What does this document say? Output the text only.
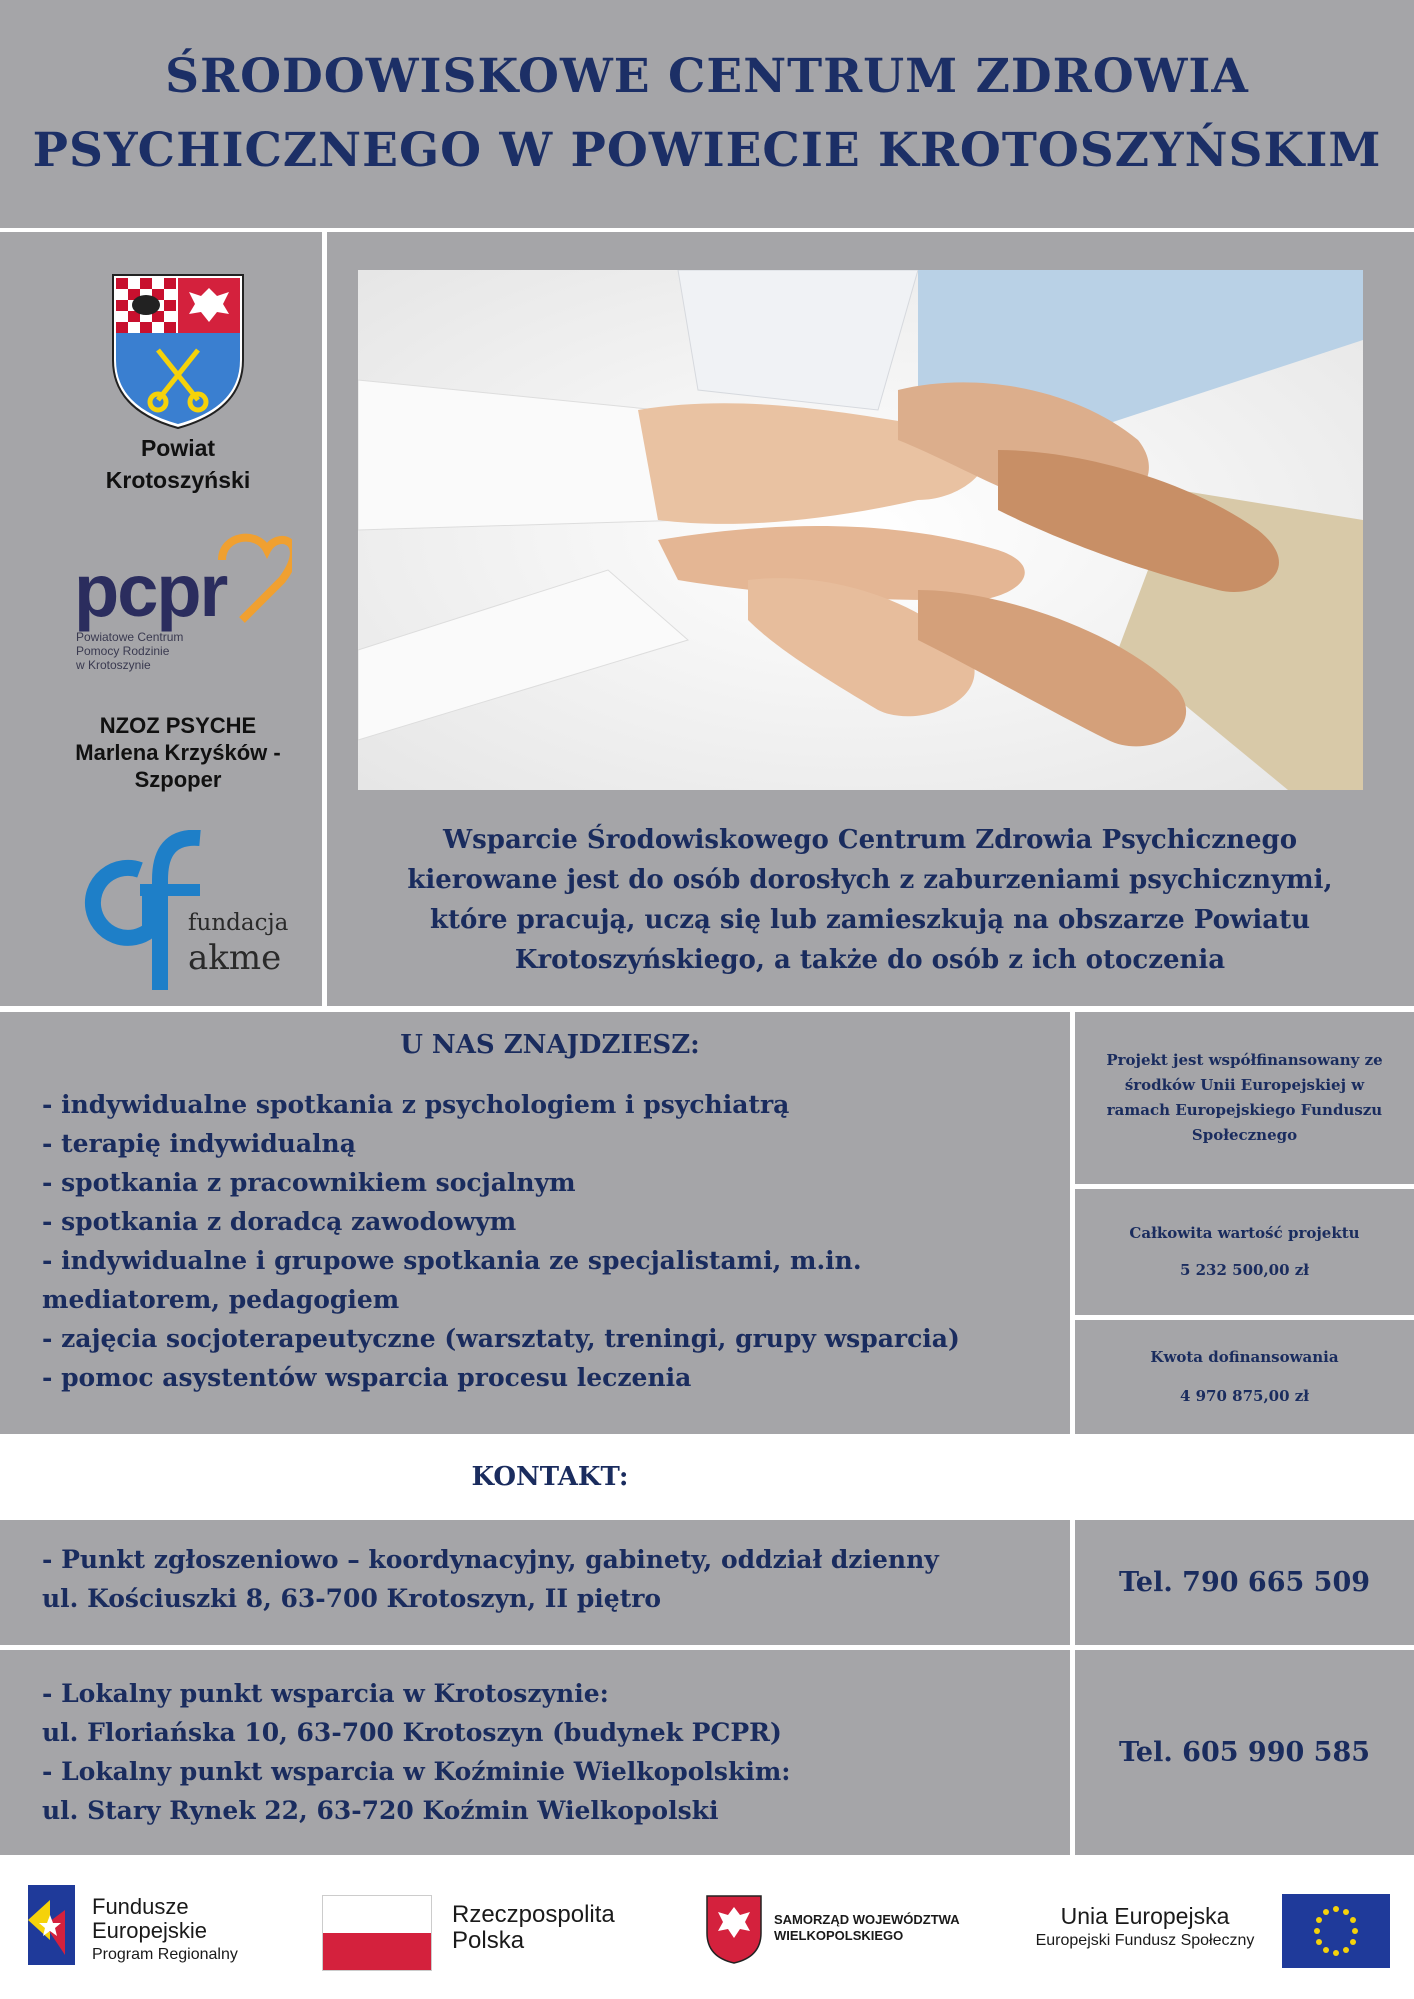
ŚRODOWISKOWE CENTRUM ZDROWIA
PSYCHICZNEGO W POWIECIE KROTOSZYŃSKIM
Powiat
Krotoszyński
pcpr
Powiatowe Centrum
Pomocy Rodzinie
w Krotoszynie
NZOZ PSYCHE
Marlena Krzyśków -
Szpoper
fundacja
akme
Wsparcie Środowiskowego Centrum Zdrowia Psychicznego
kierowane jest do osób dorosłych z zaburzeniami psychicznymi,
które pracują, uczą się lub zamieszkują na obszarze Powiatu
Krotoszyńskiego, a także do osób z ich otoczenia
U NAS ZNAJDZIESZ:
- indywidualne spotkania z psychologiem i psychiatrą
- terapię indywidualną
- spotkania z pracownikiem socjalnym
- spotkania z doradcą zawodowym
- indywidualne i grupowe spotkania ze specjalistami, m.in. mediatorem, pedagogiem
- zajęcia socjoterapeutyczne (warsztaty, treningi, grupy wsparcia)
- pomoc asystentów wsparcia procesu leczenia
Projekt jest współfinansowany ze
środków Unii Europejskiej w
ramach Europejskiego Funduszu
Społecznego
Całkowita wartość projektu
5 232 500,00 zł
Kwota dofinansowania
4 970 875,00 zł
KONTAKT:
- Punkt zgłoszeniowo – koordynacyjny, gabinety, oddział dzienny
ul. Kościuszki 8, 63-700 Krotoszyn, II piętro
Tel. 790 665 509
- Lokalny punkt wsparcia w Krotoszynie:
ul. Floriańska 10, 63-700 Krotoszyn (budynek PCPR)
- Lokalny punkt wsparcia w Koźminie Wielkopolskim:
ul. Stary Rynek 22, 63-720 Koźmin Wielkopolski
Tel. 605 990 585
Fundusze
Europejskie
Program Regionalny
Rzeczpospolita
Polska
SAMORZĄD WOJEWÓDZTWA
WIELKOPOLSKIEGO
Unia Europejska
Europejski Fundusz Społeczny
